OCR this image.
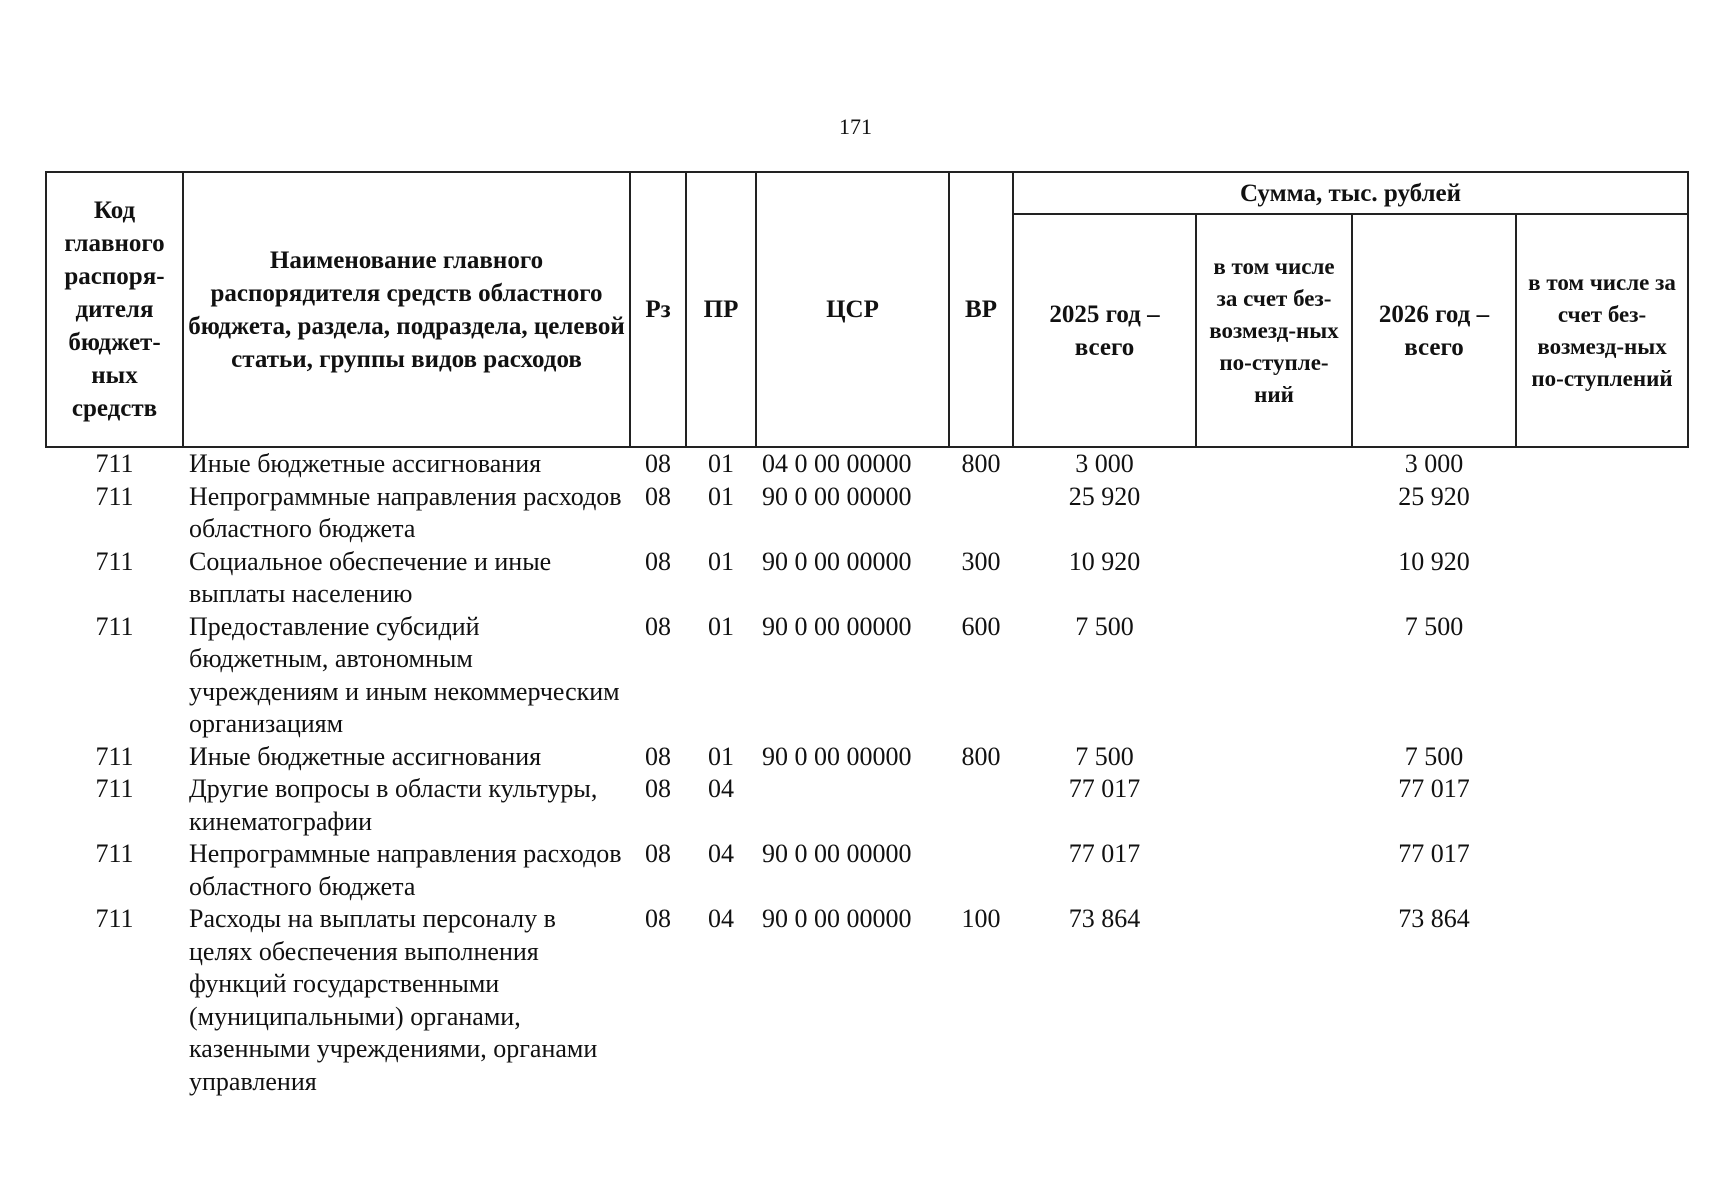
171
Код главного распоря-дителя бюджет-ных средств	Наименование главного распорядителя средств областного бюджета, раздела, подраздела, целевой статьи, группы видов расходов	Рз	ПР	ЦСР	ВР	Сумма, тыс. рублей			
						2025 год – всего	в том числе за счет без-возмезд-ных по-ступле-ний	2026 год – всего	в том числе за счет без-возмезд-ных по-ступлений
711	Иные бюджетные ассигнования	08	01	04 0 00 00000	800	3 000		3 000	
711	Непрограммные направления расходов областного бюджета	08	01	90 0 00 00000		25 920		25 920	
711	Социальное обеспечение и иные выплаты населению	08	01	90 0 00 00000	300	10 920		10 920	
711	Предоставление субсидий бюджетным, автономным учреждениям и иным некоммерческим организациям	08	01	90 0 00 00000	600	7 500		7 500	
711	Иные бюджетные ассигнования	08	01	90 0 00 00000	800	7 500		7 500	
711	Другие вопросы в области культуры, кинематографии	08	04			77 017		77 017	
711	Непрограммные направления расходов областного бюджета	08	04	90 0 00 00000		77 017		77 017	
711	Расходы на выплаты персоналу в целях обеспечения выполнения функций государственными (муниципальными) органами, казенными учреждениями, органами управления	08	04	90 0 00 00000	100	73 864		73 864	
